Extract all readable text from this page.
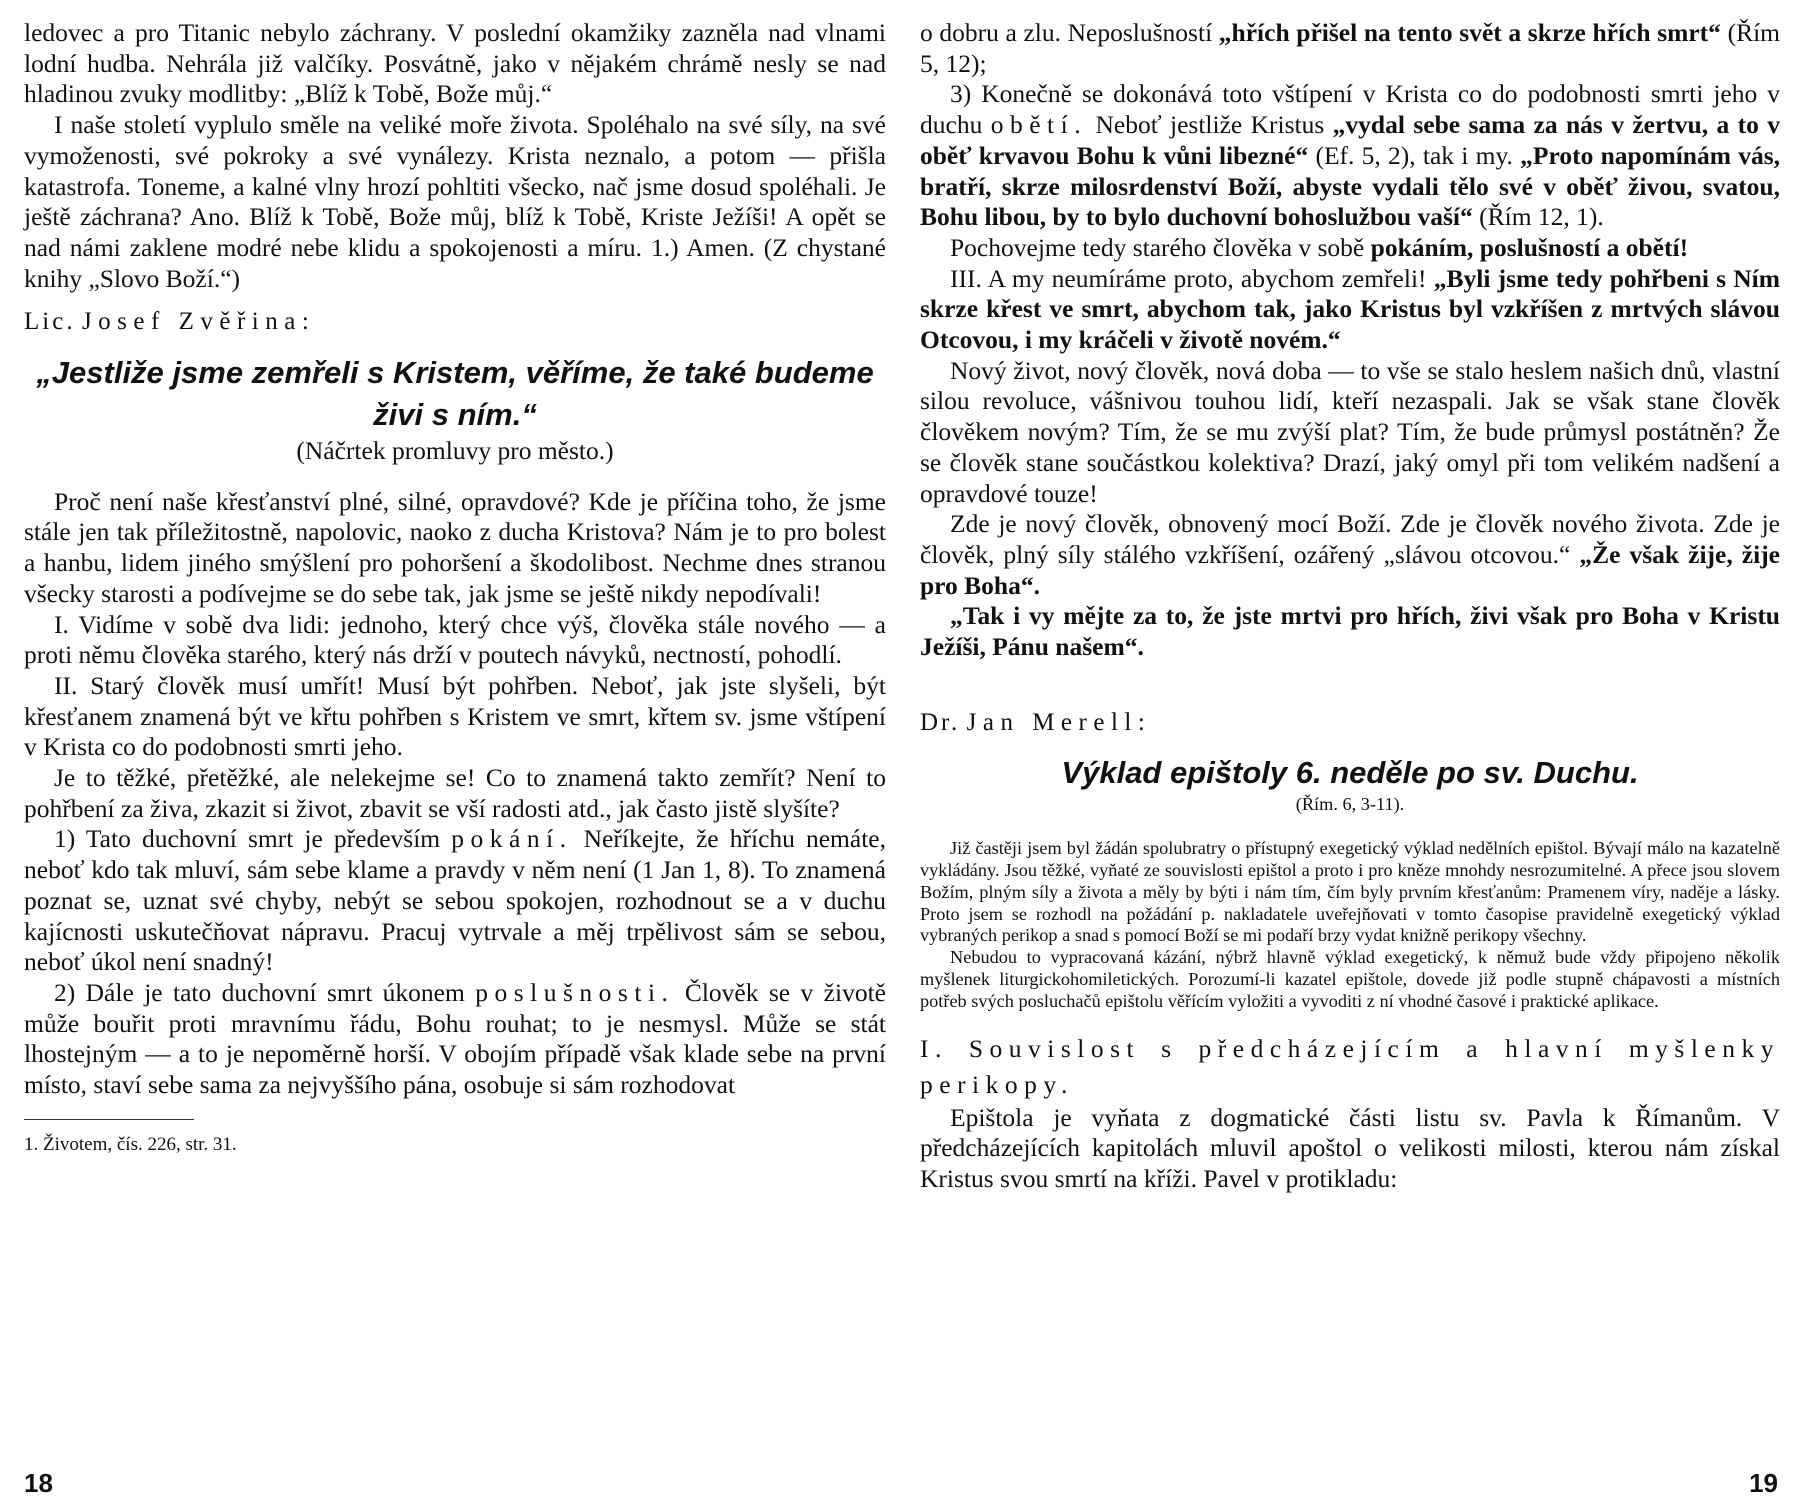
ledovec a pro Titanic nebylo záchrany. V poslední okamžiky zazněla nad vlnami lodní hudba. Nehrála již valčíky. Posvátně, jako v nějakém chrámě nesly se nad hladinou zvuky modlitby: „Blíž k Tobě, Bože můj.“

I naše století vyplulo směle na veliké moře života. Spoléhalo na své síly, na své vymoženosti, své pokroky a své vynálezy. Krista neznalo, a potom — přišla katastrofa. Toneme, a kalné vlny hrozí pohltiti všecko, nač jsme dosud spoléhali. Je ještě záchrana? Ano. Blíž k Tobě, Bože můj, blíž k Tobě, Kriste Ježíši! A opět se nad námi zaklene modré nebe klidu a spokojenosti a míru. 1.) Amen. (Z chystané knihy „Slovo Boží.“)

Lic. Josef Zvěřina:

„Jestliže jsme zemřeli s Kristem, věříme, že také budeme živi s ním.“

(Náčrtek promluvy pro město.)

Proč není naše křesťanství plné, silné, opravdové? Kde je příčina toho, že jsme stále jen tak příležitostně, napolovic, naoko z ducha Kristova? Nám je to pro bolest a hanbu, lidem jiného smýšlení pro pohoršení a škodolibost. Nechme dnes stranou všecky starosti a podívejme se do sebe tak, jak jsme se ještě nikdy nepodívali!

I. Vidíme v sobě dva lidi: jednoho, který chce výš, člověka stále nového — a proti němu člověka starého, který nás drží v poutech návyků, nectností, pohodlí.

II. Starý člověk musí umřít! Musí být pohřben. Neboť, jak jste slyšeli, být křesťanem znamená být ve křtu pohřben s Kristem ve smrt, křtem sv. jsme vštípení v Krista co do podobnosti smrti jeho.

Je to těžké, přetěžké, ale nelekejme se! Co to znamená takto zemřít? Není to pohřbení za živa, zkazit si život, zbavit se vší radosti atd., jak často jistě slyšíte?

1) Tato duchovní smrt je především pokání. Neříkejte, že hříchu nemáte, neboť kdo tak mluví, sám sebe klame a pravdy v něm není (1 Jan 1, 8). To znamená poznat se, uznat své chyby, nebýt se sebou spokojen, rozhodnout se a v duchu kajícnosti uskutečňovat nápravu. Pracuj vytrvale a měj trpělivost sám se sebou, neboť úkol není snadný!

2) Dále je tato duchovní smrt úkonem poslušnosti. Člověk se v životě může bouřit proti mravnímu řádu, Bohu rouhat; to je nesmysl. Může se stát lhostejným — a to je nepoměrně horší. V obojím případě však klade sebe na první místo, staví sebe sama za nejvyššího pána, osobuje si sám rozhodovat

1. Životem, čís. 226, str. 31.

o dobru a zlu. Neposlušností „hřích přišel na tento svět a skrze hřích smrt“ (Řím 5, 12);

3) Konečně se dokonává toto vštípení v Krista co do podobnosti smrti jeho v duchu obětí. Neboť jestliže Kristus „vydal sebe sama za nás v žertvu, a to v oběť krvavou Bohu k vůni libezné“ (Ef. 5, 2), tak i my. „Proto napomínám vás, bratří, skrze milosrdenství Boží, abyste vydali tělo své v oběť živou, svatou, Bohu libou, by to bylo duchovní bohoslužbou vaší“ (Řím 12, 1).

Pochovejme tedy starého člověka v sobě pokáním, poslušností a obětí!

III. A my neumíráme proto, abychom zemřeli! „Byli jsme tedy pohřbeni s Ním skrze křest ve smrt, abychom tak, jako Kristus byl vzkříšen z mrtvých slávou Otcovou, i my kráčeli v životě novém.“

Nový život, nový člověk, nová doba — to vše se stalo heslem našich dnů, vlastní silou revoluce, vášnivou touhou lidí, kteří nezaspali. Jak se však stane člověk člověkem novým? Tím, že se mu zvýší plat? Tím, že bude průmysl postátněn? Že se člověk stane součástkou kolektiva? Drazí, jaký omyl při tom velikém nadšení a opravdové touze!

Zde je nový člověk, obnovený mocí Boží. Zde je člověk nového života. Zde je člověk, plný síly stálého vzkříšení, ozářený „slávou otcovou.“ „Že však žije, žije pro Boha“.

„Tak i vy mějte za to, že jste mrtvi pro hřích, živi však pro Boha v Kristu Ježíši, Pánu našem“.

Dr. Jan Merell:

Výklad epištoly 6. neděle po sv. Duchu.

(Řím. 6, 3-11).

Již častěji jsem byl žádán spolubratry o přístupný exegetický výklad nedělních epištol. Bývají málo na kazatelně vykládány. Jsou těžké, vyňaté ze souvislosti epištol a proto i pro kněze mnohdy nesrozumitelné. A přece jsou slovem Božím, plným síly a života a měly by býti i nám tím, čím byly prvním křesťanům: Pramenem víry, naděje a lásky. Proto jsem se rozhodl na požádání p. nakladatele uveřejňovati v tomto časopise pravidelně exegetický výklad vybraných perikop a snad s pomocí Boží se mi podaří brzy vydat knižně perikopy všechny.

Nebudou to vypracovaná kázání, nýbrž hlavně výklad exegetický, k němuž bude vždy připojeno několik myšlenek liturgickohomiletických. Porozumí-li kazatel epištole, dovede již podle stupně chápavosti a místních potřeb svých posluchačů epištolu věřícím vyložiti a vyvoditi z ní vhodné časové i praktické aplikace.

I. Souvislost s předcházejícím a hlavní myšlenky perikopy.

Epištola je vyňata z dogmatické části listu sv. Pavla k Římanům. V předcházejících kapitolách mluvil apoštol o velikosti milosti, kterou nám získal Kristus svou smrtí na kříži. Pavel v protikladu:

18	19
